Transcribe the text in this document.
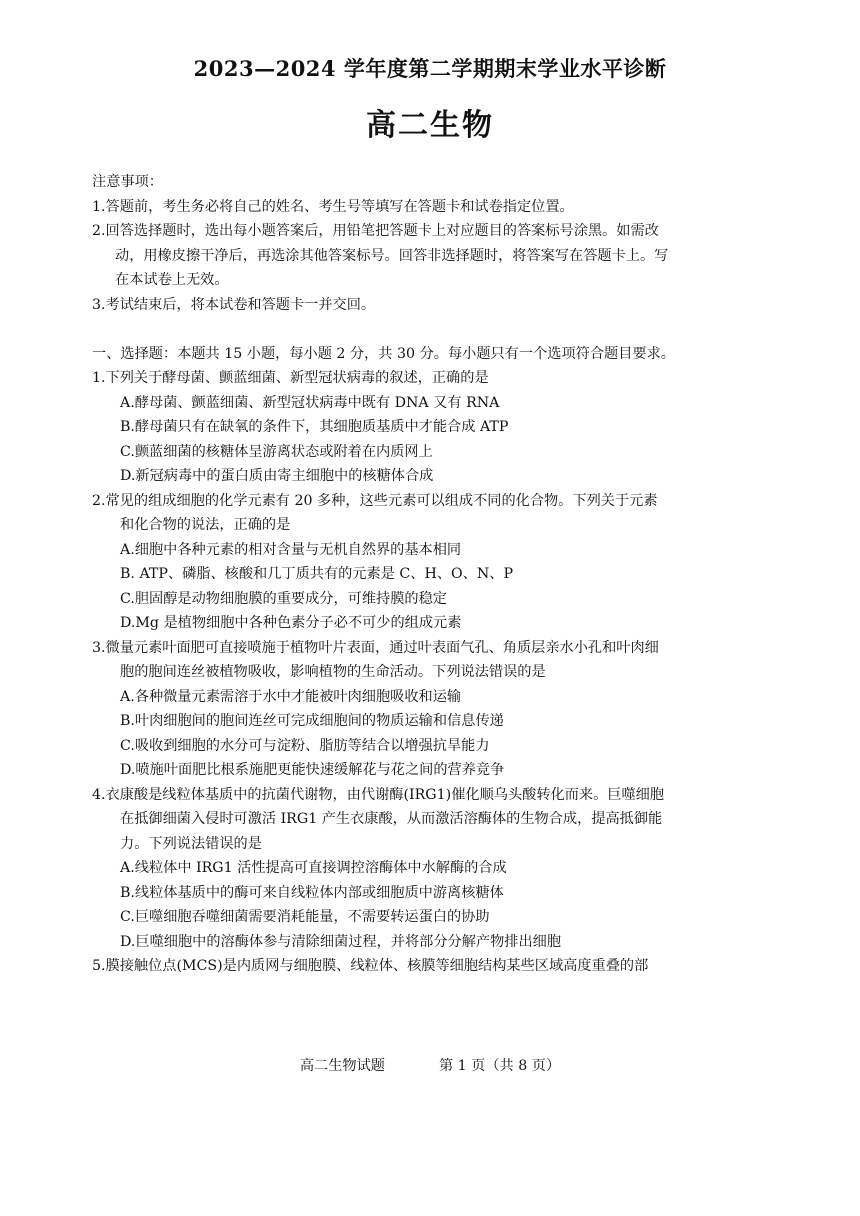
2023—2024 学年度第二学期期末学业水平诊断
高二生物
注意事项：
1.答题前，考生务必将自己的姓名、考生号等填写在答题卡和试卷指定位置。
2.回答选择题时，选出每小题答案后，用铅笔把答题卡上对应题目的答案标号涂黑。如需改
动，用橡皮擦干净后，再选涂其他答案标号。回答非选择题时，将答案写在答题卡上。写
在本试卷上无效。
3.考试结束后，将本试卷和答题卡一并交回。
一、选择题：本题共 15 小题，每小题 2 分，共 30 分。每小题只有一个选项符合题目要求。
1.下列关于酵母菌、颤蓝细菌、新型冠状病毒的叙述，正确的是
A.酵母菌、颤蓝细菌、新型冠状病毒中既有 DNA 又有 RNA
B.酵母菌只有在缺氧的条件下，其细胞质基质中才能合成 ATP
C.颤蓝细菌的核糖体呈游离状态或附着在内质网上
D.新冠病毒中的蛋白质由寄主细胞中的核糖体合成
2.常见的组成细胞的化学元素有 20 多种，这些元素可以组成不同的化合物。下列关于元素
和化合物的说法，正确的是
A.细胞中各种元素的相对含量与无机自然界的基本相同
B. ATP、磷脂、核酸和几丁质共有的元素是 C、H、O、N、P
C.胆固醇是动物细胞膜的重要成分，可维持膜的稳定
D.Mg 是植物细胞中各种色素分子必不可少的组成元素
3.微量元素叶面肥可直接喷施于植物叶片表面，通过叶表面气孔、角质层亲水小孔和叶肉细
胞的胞间连丝被植物吸收，影响植物的生命活动。下列说法错误的是
A.各种微量元素需溶于水中才能被叶肉细胞吸收和运输
B.叶肉细胞间的胞间连丝可完成细胞间的物质运输和信息传递
C.吸收到细胞的水分可与淀粉、脂肪等结合以增强抗旱能力
D.喷施叶面肥比根系施肥更能快速缓解花与花之间的营养竞争
4.衣康酸是线粒体基质中的抗菌代谢物，由代谢酶(IRG1)催化顺乌头酸转化而来。巨噬细胞
在抵御细菌入侵时可激活 IRG1 产生衣康酸，从而激活溶酶体的生物合成，提高抵御能
力。下列说法错误的是
A.线粒体中 IRG1 活性提高可直接调控溶酶体中水解酶的合成
B.线粒体基质中的酶可来自线粒体内部或细胞质中游离核糖体
C.巨噬细胞吞噬细菌需要消耗能量，不需要转运蛋白的协助
D.巨噬细胞中的溶酶体参与清除细菌过程，并将部分分解产物排出细胞
5.膜接触位点(MCS)是内质网与细胞膜、线粒体、核膜等细胞结构某些区域高度重叠的部
高二生物试题	第 1 页（共 8 页）
